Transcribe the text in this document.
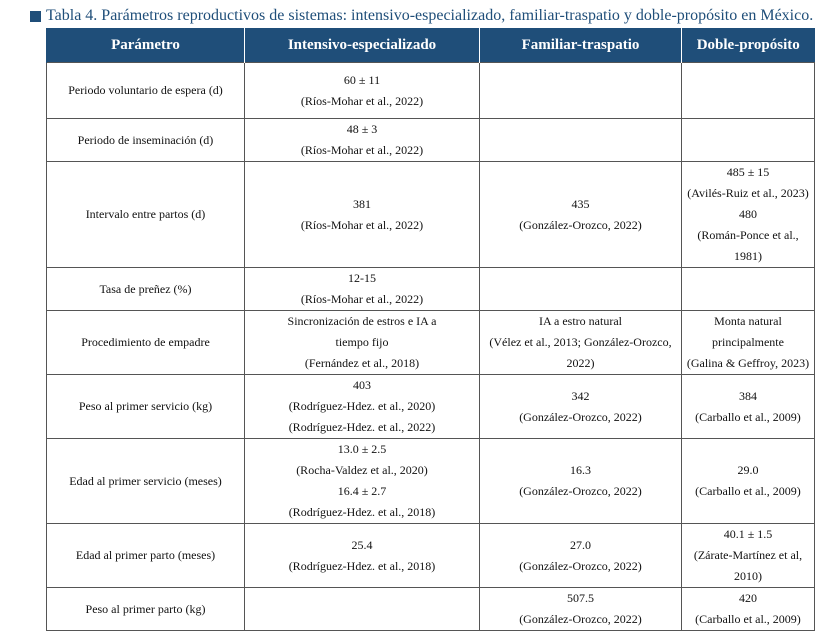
Tabla 4. Parámetros reproductivos de sistemas: intensivo-especializado, familiar-traspatio y doble-propósito en México.
Parámetro	Intensivo-especializado	Familiar-traspatio	Doble-propósito
Periodo voluntario de espera (d)	60 ± 11
(Ríos-Mohar et al., 2022)		

Periodo de inseminación (d)	48 ± 3
(Ríos-Mohar et al., 2022)		

Intervalo entre partos (d)	381
(Ríos-Mohar et al., 2022)	435
(González-Orozco, 2022)	485 ± 15
(Avilés-Ruiz et al., 2023)
480
(Román-Ponce et al., 1981)

Tasa de preñez (%)	12-15
(Ríos-Mohar et al., 2022)		

Procedimiento de empadre	Sincronización de estros e IA a
tiempo fijo
(Fernández et al., 2018)	IA a estro natural
(Vélez et al., 2013; González-Orozco,
2022)	Monta natural principalmente
(Galina & Geffroy, 2023)

Peso al primer servicio (kg)	403
(Rodríguez-Hdez. et al., 2020)
(Rodríguez-Hdez. et al., 2022)	342
(González-Orozco, 2022)	384
(Carballo et al., 2009)

Edad al primer servicio (meses)	13.0 ± 2.5
(Rocha-Valdez et al., 2020)
16.4 ± 2.7
(Rodríguez-Hdez. et al., 2018)	16.3
(González-Orozco, 2022)	29.0
(Carballo et al., 2009)

Edad al primer parto (meses)	25.4
(Rodríguez-Hdez. et al., 2018)	27.0
(González-Orozco, 2022)	40.1 ± 1.5
(Zárate-Martínez et al, 2010)

Peso al primer parto (kg)		507.5
(González-Orozco, 2022)	420
(Carballo et al., 2009)
